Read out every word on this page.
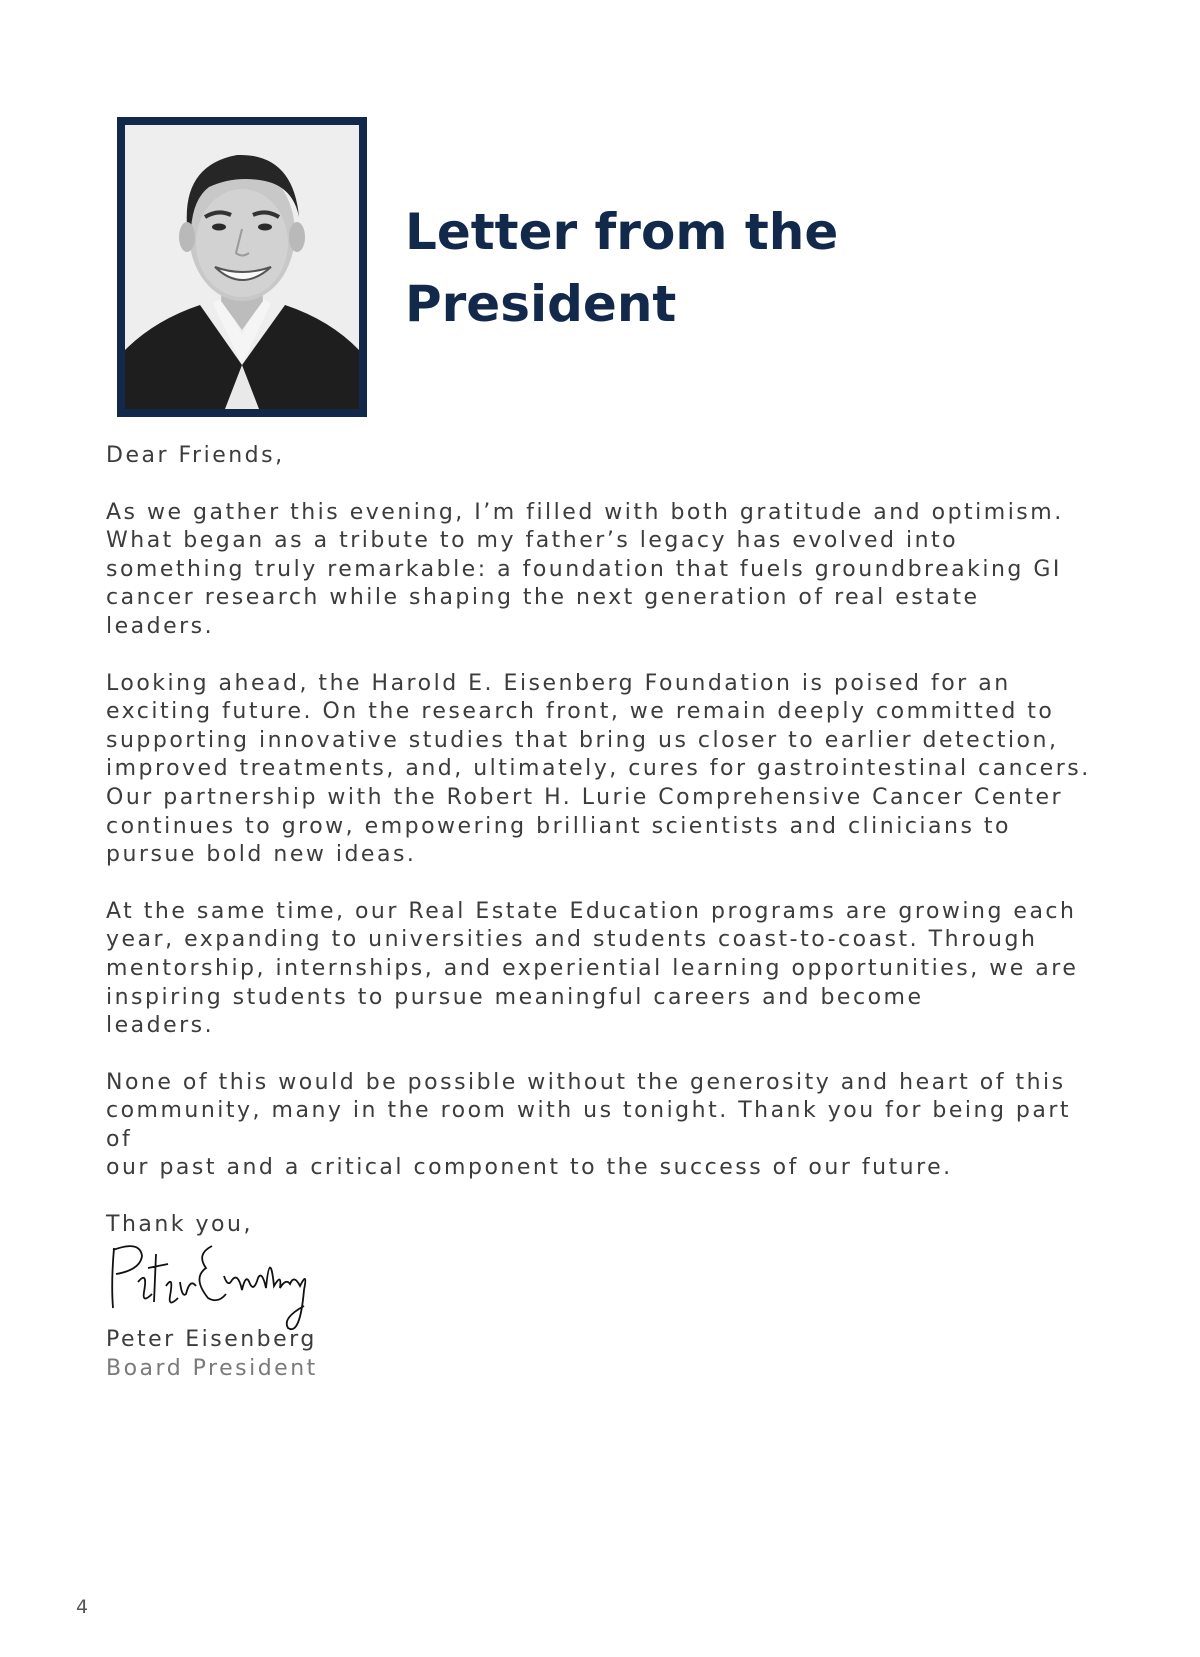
Letter from the
President

Dear Friends,

As we gather this evening, I’m filled with both gratitude and optimism.
What began as a tribute to my father’s legacy has evolved into
something truly remarkable: a foundation that fuels groundbreaking GI
cancer research while shaping the next generation of real estate
leaders.

Looking ahead, the Harold E. Eisenberg Foundation is poised for an
exciting future. On the research front, we remain deeply committed to
supporting innovative studies that bring us closer to earlier detection,
improved treatments, and, ultimately, cures for gastrointestinal cancers.
Our partnership with the Robert H. Lurie Comprehensive Cancer Center
continues to grow, empowering brilliant scientists and clinicians to
pursue bold new ideas.

At the same time, our Real Estate Education programs are growing each
year, expanding to universities and students coast-to-coast. Through
mentorship, internships, and experiential learning opportunities, we are
inspiring students to pursue meaningful careers and become
leaders.

None of this would be possible without the generosity and heart of this
community, many in the room with us tonight. Thank you for being part of
our past and a critical component to the success of our future.

Thank you,

Peter Eisenberg
Board President
4
